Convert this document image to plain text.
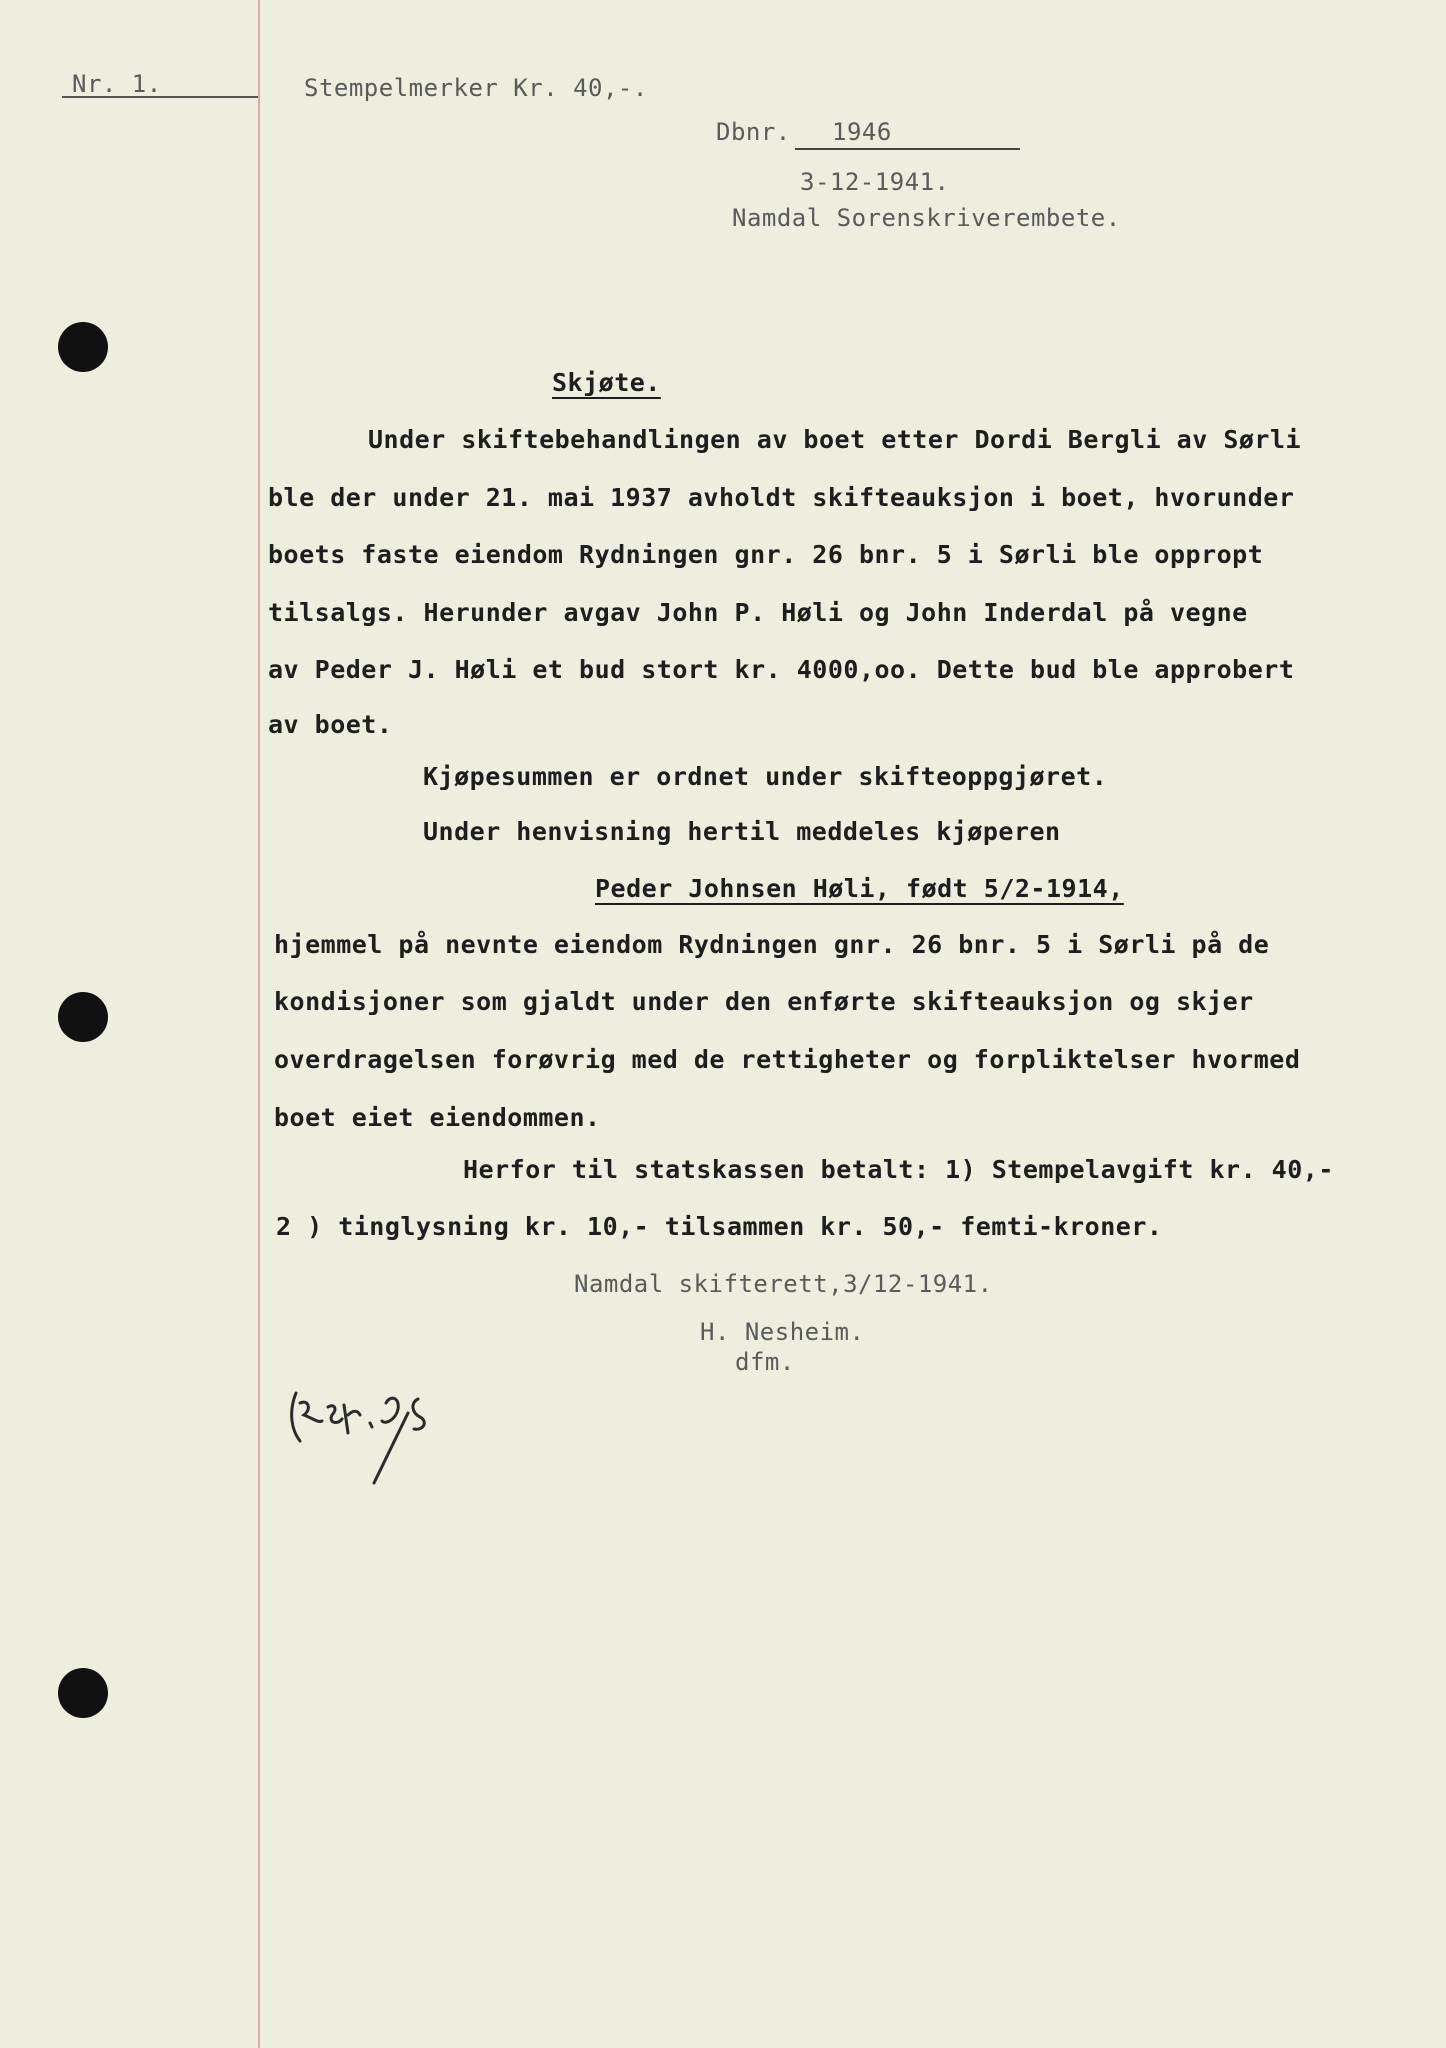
Nr. 1.	Stempelmerker Kr. 40,-.
Dbnr. 1946
3-12-1941.
Namdal Sorenskriverembete.
Skjøte.
Under skiftebehandlingen av boet etter Dordi Bergli av Sørli
ble der under 21. mai 1937 avholdt skifteauksjon i boet, hvorunder
boets faste eiendom Rydningen gnr. 26 bnr. 5 i Sørli ble oppropt
tilsalgs. Herunder avgav John P. Høli og John Inderdal på vegne
av Peder J. Høli et bud stort kr. 4000,oo. Dette bud ble approbert
av boet.
Kjøpesummen er ordnet under skifteoppgjøret.
Under henvisning hertil meddeles kjøperen
Peder Johnsen Høli, født 5/2-1914,
hjemmel på nevnte eiendom Rydningen gnr. 26 bnr. 5 i Sørli på de
kondisjoner som gjaldt under den enførte skifteauksjon og skjer
overdragelsen forøvrig med de rettigheter og forpliktelser hvormed
boet eiet eiendommen.
Herfor til statskassen betalt: 1) Stempelavgift kr. 40,-
2 ) tinglysning kr. 10,- tilsammen kr. 50,- femti-kroner.
Namdal skifterett,3/12-1941.
H. Nesheim.
dfm.
